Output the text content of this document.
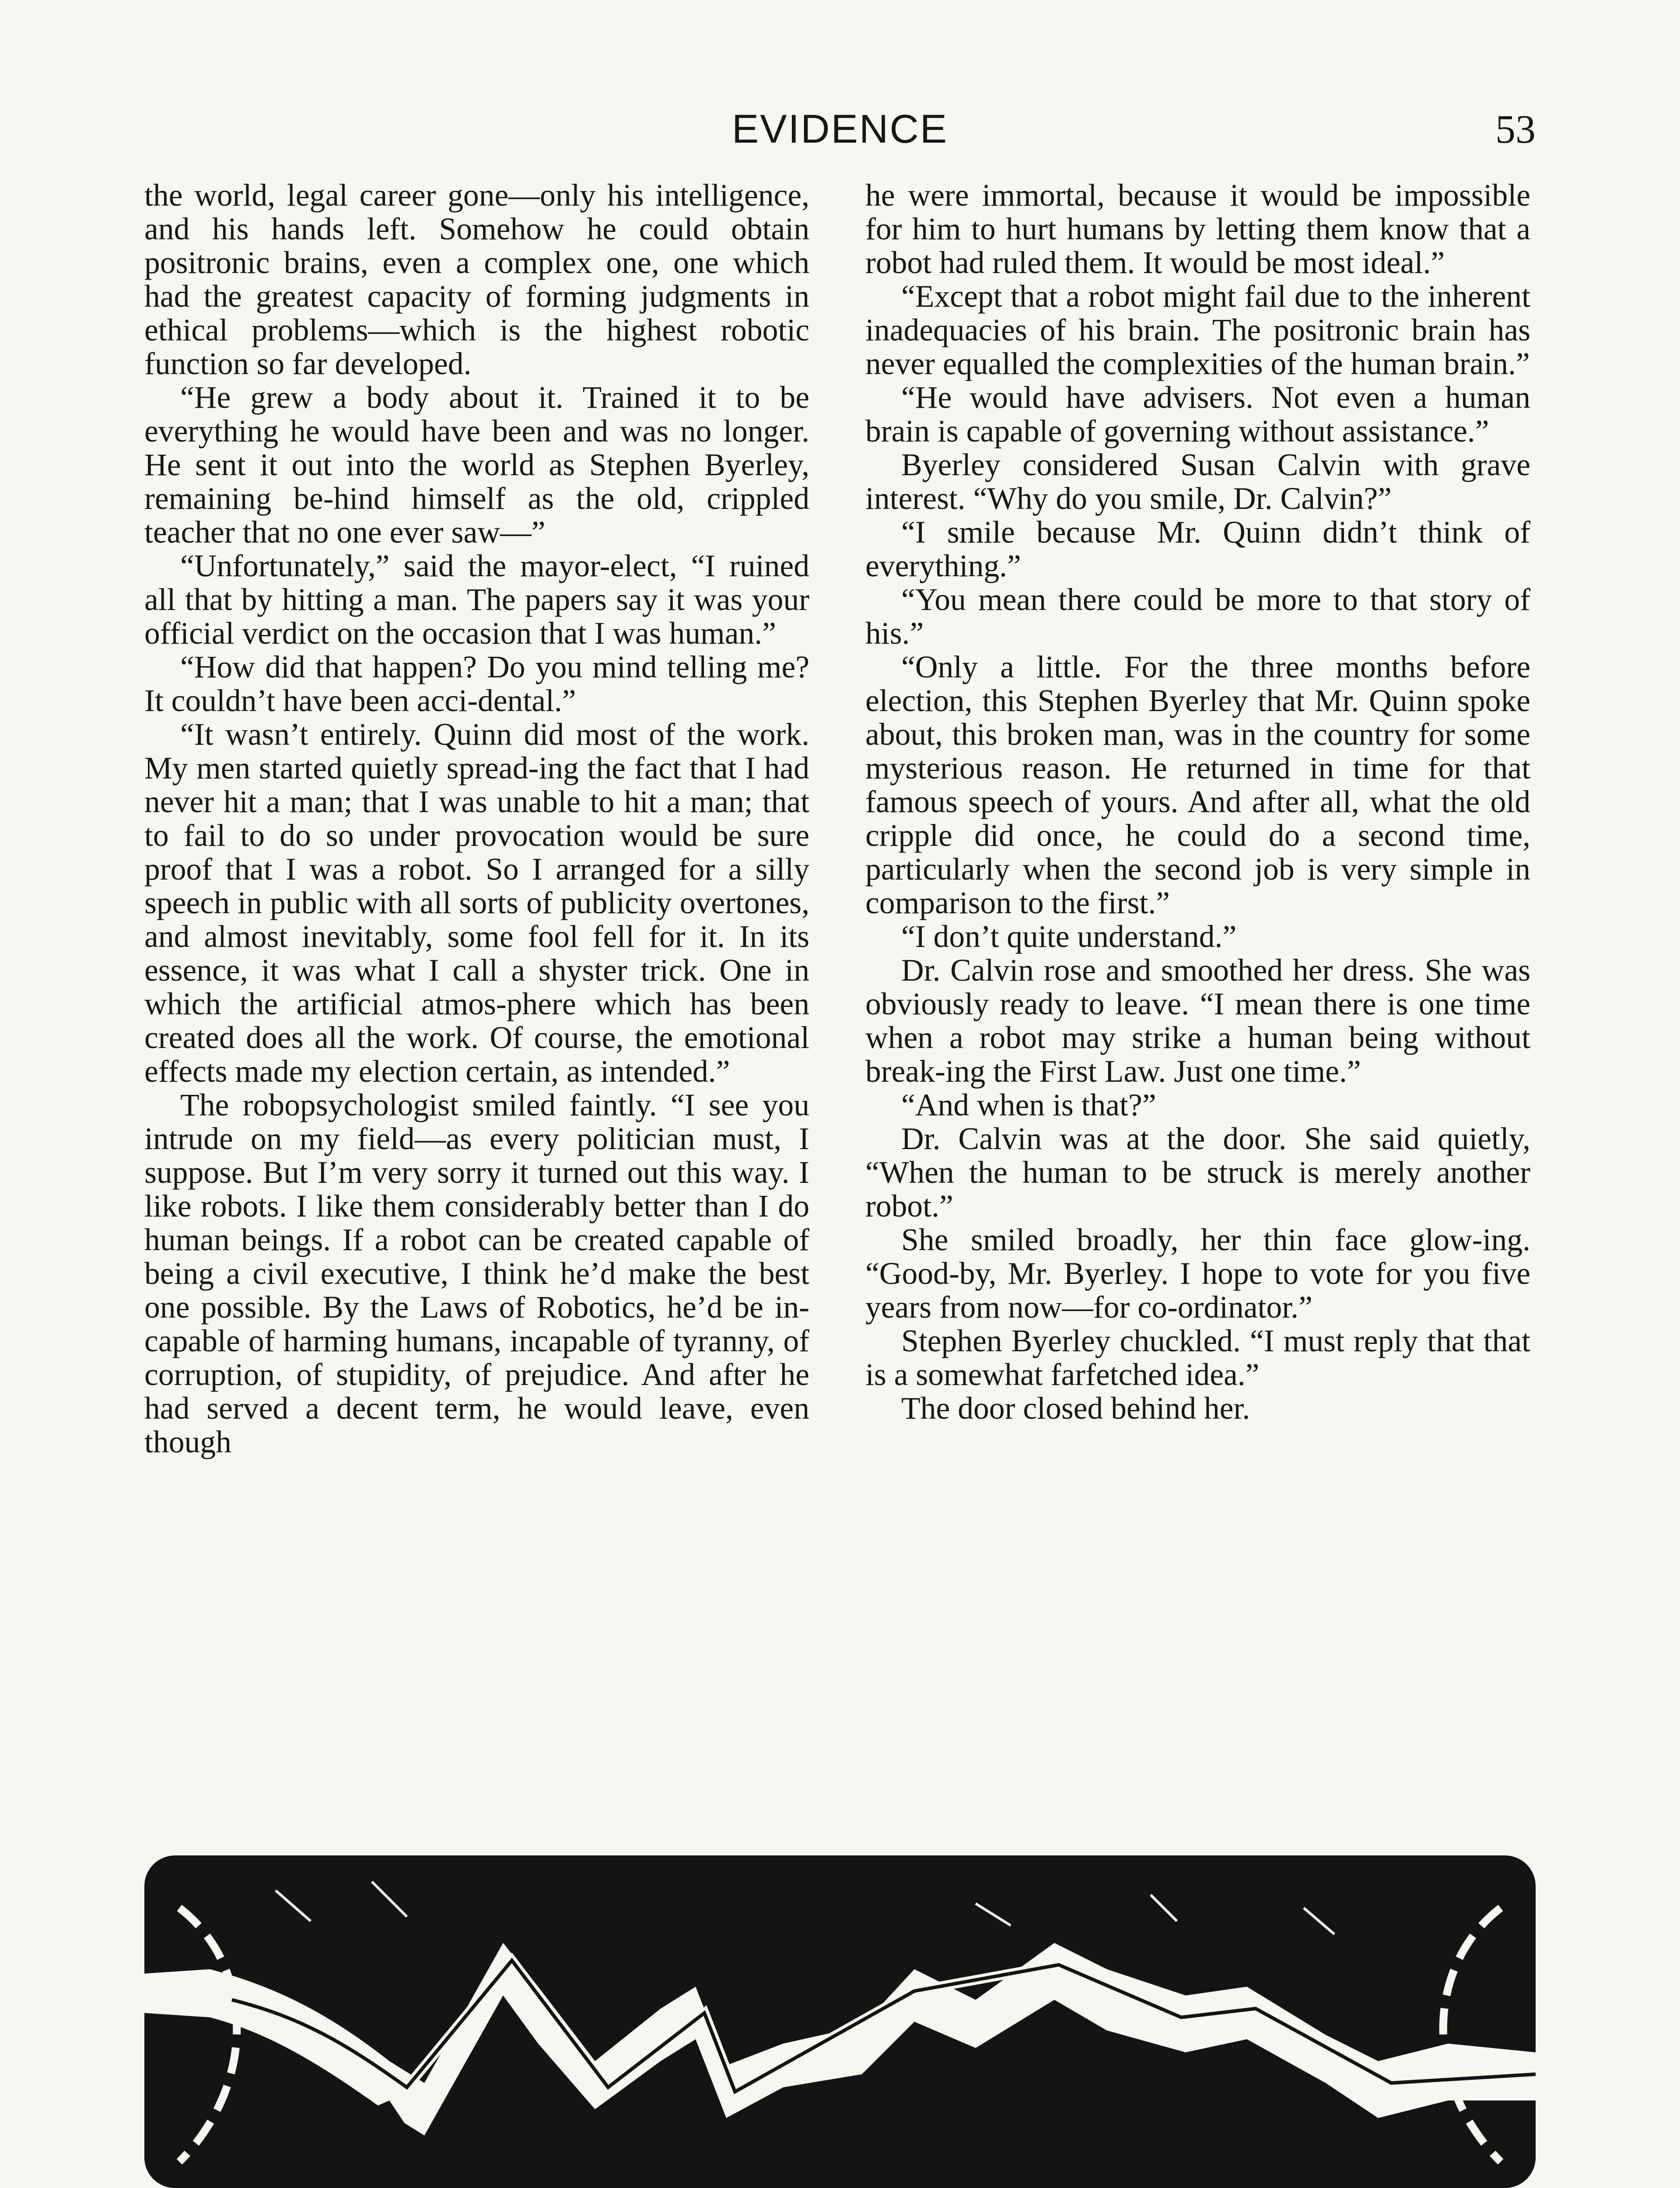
EVIDENCE	53

the world, legal career gone—only his intelligence, and his hands left. Somehow he could obtain positronic brains, even a complex one, one which had the greatest capacity of forming judgments in ethical problems—which is the highest robotic function so far developed.

“He grew a body about it. Trained it to be everything he would have been and was no longer. He sent it out into the world as Stephen Byerley, remaining be-hind himself as the old, crippled teacher that no one ever saw—”

“Unfortunately,” said the mayor-elect, “I ruined all that by hitting a man. The papers say it was your official verdict on the occasion that I was human.”

“How did that happen? Do you mind telling me? It couldn’t have been acci-dental.”

“It wasn’t entirely. Quinn did most of the work. My men started quietly spread-ing the fact that I had never hit a man; that I was unable to hit a man; that to fail to do so under provocation would be sure proof that I was a robot. So I arranged for a silly speech in public with all sorts of publicity overtones, and almost inevitably, some fool fell for it. In its essence, it was what I call a shyster trick. One in which the artificial atmos-phere which has been created does all the work. Of course, the emotional effects made my election certain, as intended.”

The robopsychologist smiled faintly. “I see you intrude on my field—as every politician must, I suppose. But I’m very sorry it turned out this way. I like robots. I like them considerably better than I do human beings. If a robot can be created capable of being a civil executive, I think he’d make the best one possible. By the Laws of Robotics, he’d be in-capable of harming humans, incapable of tyranny, of corruption, of stupidity, of prejudice. And after he had served a decent term, he would leave, even though

he were immortal, because it would be impossible for him to hurt humans by letting them know that a robot had ruled them. It would be most ideal.”

“Except that a robot might fail due to the inherent inadequacies of his brain. The positronic brain has never equalled the complexities of the human brain.”

“He would have advisers. Not even a human brain is capable of governing without assistance.”

Byerley considered Susan Calvin with grave interest. “Why do you smile, Dr. Calvin?”

“I smile because Mr. Quinn didn’t think of everything.”

“You mean there could be more to that story of his.”

“Only a little. For the three months before election, this Stephen Byerley that Mr. Quinn spoke about, this broken man, was in the country for some mysterious reason. He returned in time for that famous speech of yours. And after all, what the old cripple did once, he could do a second time, particularly when the second job is very simple in comparison to the first.”

“I don’t quite understand.”

Dr. Calvin rose and smoothed her dress. She was obviously ready to leave. “I mean there is one time when a robot may strike a human being without break-ing the First Law. Just one time.”

“And when is that?”

Dr. Calvin was at the door. She said quietly, “When the human to be struck is merely another robot.”

She smiled broadly, her thin face glow-ing. “Good-by, Mr. Byerley. I hope to vote for you five years from now—for co-ordinator.”

Stephen Byerley chuckled. “I must reply that that is a somewhat farfetched idea.”

The door closed behind her.
